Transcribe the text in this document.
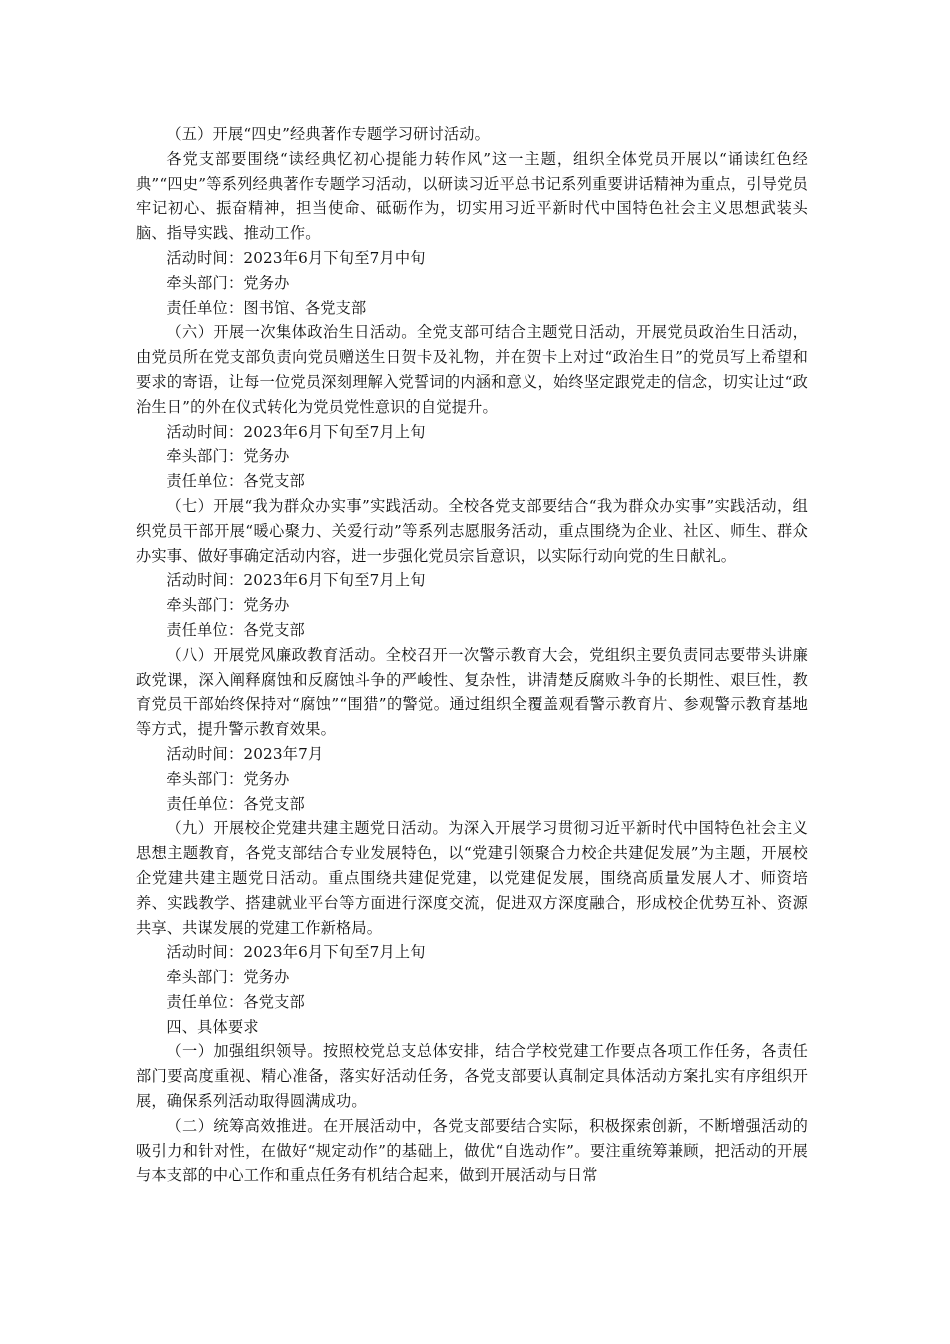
（五）开展“四史”经典著作专题学习研讨活动。

各党支部要围绕“读经典忆初心提能力转作风”这一主题，组织全体党员开展以“诵读红色经典”“四史”等系列经典著作专题学习活动，以研读习近平总书记系列重要讲话精神为重点，引导党员牢记初心、振奋精神，担当使命、砥砺作为，切实用习近平新时代中国特色社会主义思想武装头脑、指导实践、推动工作。

活动时间：2023年6月下旬至7月中旬

牵头部门：党务办

责任单位：图书馆、各党支部

（六）开展一次集体政治生日活动。全党支部可结合主题党日活动，开展党员政治生日活动，由党员所在党支部负责向党员赠送生日贺卡及礼物，并在贺卡上对过“政治生日”的党员写上希望和要求的寄语，让每一位党员深刻理解入党誓词的内涵和意义，始终坚定跟党走的信念，切实让过“政治生日”的外在仪式转化为党员党性意识的自觉提升。

活动时间：2023年6月下旬至7月上旬

牵头部门：党务办

责任单位：各党支部

（七）开展“我为群众办实事”实践活动。全校各党支部要结合“我为群众办实事”实践活动，组织党员干部开展“暖心聚力、关爱行动”等系列志愿服务活动，重点围绕为企业、社区、师生、群众办实事、做好事确定活动内容，进一步强化党员宗旨意识，以实际行动向党的生日献礼。

活动时间：2023年6月下旬至7月上旬

牵头部门：党务办

责任单位：各党支部

（八）开展党风廉政教育活动。全校召开一次警示教育大会，党组织主要负责同志要带头讲廉政党课，深入阐释腐蚀和反腐蚀斗争的严峻性、复杂性，讲清楚反腐败斗争的长期性、艰巨性，教育党员干部始终保持对“腐蚀”“围猎”的警觉。通过组织全覆盖观看警示教育片、参观警示教育基地等方式，提升警示教育效果。

活动时间：2023年7月

牵头部门：党务办

责任单位：各党支部

（九）开展校企党建共建主题党日活动。为深入开展学习贯彻习近平新时代中国特色社会主义思想主题教育，各党支部结合专业发展特色，以“党建引领聚合力校企共建促发展”为主题，开展校企党建共建主题党日活动。重点围绕共建促党建，以党建促发展，围绕高质量发展人才、师资培养、实践教学、搭建就业平台等方面进行深度交流，促进双方深度融合，形成校企优势互补、资源共享、共谋发展的党建工作新格局。

活动时间：2023年6月下旬至7月上旬

牵头部门：党务办

责任单位：各党支部

四、具体要求

（一）加强组织领导。按照校党总支总体安排，结合学校党建工作要点各项工作任务，各责任部门要高度重视、精心准备，落实好活动任务，各党支部要认真制定具体活动方案扎实有序组织开展，确保系列活动取得圆满成功。

（二）统筹高效推进。在开展活动中，各党支部要结合实际，积极探索创新，不断增强活动的吸引力和针对性，在做好“规定动作”的基础上，做优“自选动作”。要注重统筹兼顾，把活动的开展与本支部的中心工作和重点任务有机结合起来，做到开展活动与日常
